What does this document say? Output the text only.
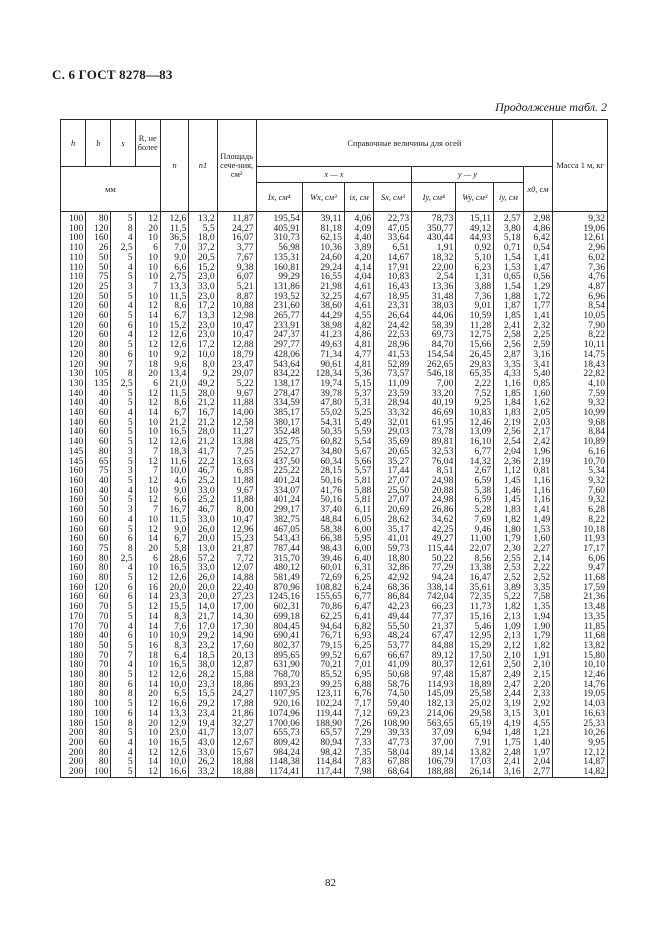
С. 6 ГОСТ 8278—83
Продолжение табл. 2
h	b	s	R, не более	n	n1	Площадь сече-ния, см²	Справочные величины для осей								Масса 1 м, кг
мм							x — x				y — y			x0, см	
							Ix, см⁴	Wx, см³	ix, см	Sx, см³	Iy, см⁴	Wy, см³	iy, см		
100	80	5	12	12,6	13,2	11,87	195,54	39,11	4,06	22,73	78,73	15,11	2,57	2,98	9,32
100	120	8	20	11,5	5,5	24,27	405,91	81,18	4,09	47,05	350,77	49,12	3,80	4,86	19,06
100	160	4	10	36,5	18,0	16,07	310,73	62,15	4,40	33,64	430,44	44,93	5,18	6,42	12,61
110	26	2,5	6	7,0	37,2	3,77	56,98	10,36	3,89	6,51	1,91	0,92	0,71	0,54	2,96
110	50	5	10	9,0	20,5	7,67	135,31	24,60	4,20	14,67	18,32	5,10	1,54	1,41	6,02
110	50	4	10	6,6	15,2	9,38	160,81	29,24	4,14	17,91	22,00	6,23	1,53	1,47	7,36
110	75	5	10	2,75	23,0	6,07	99,29	16,55	4,04	10,83	2,54	1,31	0,65	0,56	4,76
120	25	3	7	13,3	33,0	5,21	131,86	21,98	4,61	16,43	13,36	3,88	1,54	1,29	4,87
120	50	5	10	11,5	23,0	8,87	193,52	32,25	4,67	18,95	31,48	7,36	1,88	1,72	6,96
120	60	4	12	8,6	17,2	10,88	231,60	38,60	4,61	23,31	38,03	9,01	1,87	1,77	8,54
120	60	5	14	6,7	13,3	12,98	265,77	44,29	4,55	26,64	44,06	10,59	1,85	1,41	10,05
120	60	6	10	15,2	23,0	10,47	233,91	38,98	4,82	24,42	58,39	11,28	2,41	2,32	7,90
120	60	4	12	12,6	23,0	10,47	247,37	41,23	4,86	22,53	69,73	12,75	2,58	2,25	8,22
120	80	5	12	12,6	17,2	12,88	297,77	49,63	4,81	28,96	84,70	15,66	2,56	2,59	10,11
120	80	6	10	9,2	10,0	18,79	428,06	71,34	4,77	41,53	154,54	26,45	2,87	3,16	14,75
120	90	7	18	9,6	8,0	23,47	543,64	90,61	4,81	52,89	262,65	29,83	3,35	3,41	18,43
130	105	8	20	13,4	9,2	29,07	834,22	128,34	5,36	73,57	546,18	65,35	4,33	5,40	22,82
130	135	2,5	6	21,0	49,2	5,22	138,17	19,74	5,15	11,09	7,00	2,22	1,16	0,85	4,10
140	40	5	12	11,5	28,0	9,67	278,47	39,78	5,37	23,59	33,20	7,52	1,85	1,60	7,59
140	40	5	12	8,6	21,2	11,88	334,59	47,80	5,31	28,94	40,19	9,25	1,84	1,62	9,32
140	60	4	14	6,7	16,7	14,00	385,17	55,02	5,25	33,32	46,69	10,83	1,83	2,05	10,99
140	60	5	10	21,2	21,2	12,58	380,17	54,31	5,49	32,01	61,95	12,46	2,19	2,03	9,68
140	60	5	10	16,5	28,0	11,27	352,48	50,35	5,59	29,03	73,78	13,09	2,56	2,17	8,84
140	60	5	12	12,6	21,2	13,88	425,75	60,82	5,54	35,69	89,81	16,10	2,54	2,42	10,89
145	80	3	7	18,3	41,7	7,25	252,27	34,80	5,67	20,65	32,53	6,77	2,04	1,96	6,16
145	65	5	12	11,6	22,2	13,63	437,50	60,34	5,66	35,27	76,04	14,32	2,36	2,19	10,70
160	75	3	7	10,0	46,7	6,85	225,22	28,15	5,57	17,44	8,51	2,67	1,12	0,81	5,34
160	40	5	12	4,6	25,2	11,88	401,24	50,16	5,81	27,07	24,98	6,59	1,45	1,16	9,32
160	40	4	10	9,0	33,0	9,67	334,07	41,76	5,88	25,50	20,88	5,38	1,46	1,16	7,60
160	50	5	12	6,6	25,2	11,88	401,24	50,16	5,81	27,07	24,98	6,59	1,45	1,16	9,32
160	50	3	7	16,7	46,7	8,00	299,17	37,40	6,11	20,69	26,86	5,28	1,83	1,41	6,28
160	60	4	10	11,5	33,0	10,47	382,75	48,84	6,05	28,62	34,62	7,69	1,82	1,49	8,22
160	60	5	12	9,0	26,0	12,96	467,05	58,38	6,00	35,17	42,25	9,46	1,80	1,53	10,18
160	60	6	14	6,7	20,0	15,23	543,43	66,38	5,95	41,01	49,27	11,00	1,79	1,60	11,93
160	75	8	20	5,8	13,0	21,87	787,44	98,43	6,00	59,73	115,44	22,07	2,30	2,27	17,17
160	80	2,5	6	28,6	57,2	7,72	315,70	39,46	6,40	18,80	50,22	8,56	2,55	2,14	6,06
160	80	4	10	16,5	33,0	12,07	480,12	60,01	6,31	32,86	77,29	13,38	2,53	2,22	9,47
160	80	5	12	12,6	26,0	14,88	581,49	72,69	6,25	42,92	94,24	16,47	2,52	2,52	11,68
160	120	6	16	20,0	20,0	22,40	870,96	108,82	6,24	68,36	338,14	35,61	3,89	3,35	17,59
160	60	6	14	23,3	20,0	27,23	1245,16	155,65	6,77	86,84	742,04	72,35	5,22	7,58	21,36
160	70	5	12	15,5	14,0	17,00	602,31	70,86	6,47	42,23	66,23	11,73	1,82	1,35	13,48
170	70	5	14	8,3	21,7	14,30	699,18	62,25	6,41	49,44	77,37	15,16	2,13	1,94	13,35
170	70	4	14	7,6	17,0	17,30	804,45	94,64	6,82	55,50	21,37	5,46	1,09	1,90	11,85
180	40	6	10	10,9	29,2	14,90	690,41	76,71	6,93	48,24	67,47	12,95	2,13	1,79	11,68
180	50	5	16	8,3	23,2	17,60	802,37	79,15	6,25	53,77	84,88	15,29	2,12	1,82	13,82
180	70	7	18	6,4	18,5	20,13	895,65	99,52	6,67	66,67	89,12	17,50	2,10	1,91	15,80
180	70	4	10	16,5	38,0	12,87	631,90	70,21	7,01	41,09	80,37	12,61	2,50	2,10	10,10
180	80	5	12	12,6	28,2	15,88	768,70	85,52	6,95	50,68	97,48	15,87	2,49	2,15	12,46
180	80	6	14	10,0	23,3	18,86	893,23	99,25	6,88	58,76	114,93	18,89	2,47	2,20	14,76
180	80	8	20	6,5	15,5	24,27	1107,95	123,11	6,76	74,50	145,09	25,58	2,44	2,33	19,05
180	100	5	12	16,6	29,2	17,88	920,16	102,24	7,17	59,40	182,13	25,02	3,19	2,92	14,03
180	100	6	14	13,3	23,4	21,86	1074,96	119,44	7,12	69,23	214,06	29,58	3,15	3,01	16,63
180	150	8	20	12,9	19,4	32,27	1700,06	188,90	7,26	108,90	563,65	65,19	4,19	4,55	25,33
200	80	5	10	23,0	41,7	13,07	655,73	65,57	7,29	39,33	37,09	6,94	1,48	1,21	10,26
200	60	4	10	16,5	43,0	12,67	809,42	80,94	7,33	47,73	37,00	7,91	1,75	1,40	9,95
200	80	4	12	12,6	33,0	15,67	984,24	98,42	7,35	58,04	89,14	13,82	2,48	1,97	12,12
200	80	5	14	10,0	26,2	18,88	1148,38	114,84	7,83	67,88	106,79	17,03	2,41	2,04	14,87
200	100	5	12	16,6	33,2	18,88	1174,41	117,44	7,98	68,64	188,88	26,14	3,16	2,77	14,82
82
